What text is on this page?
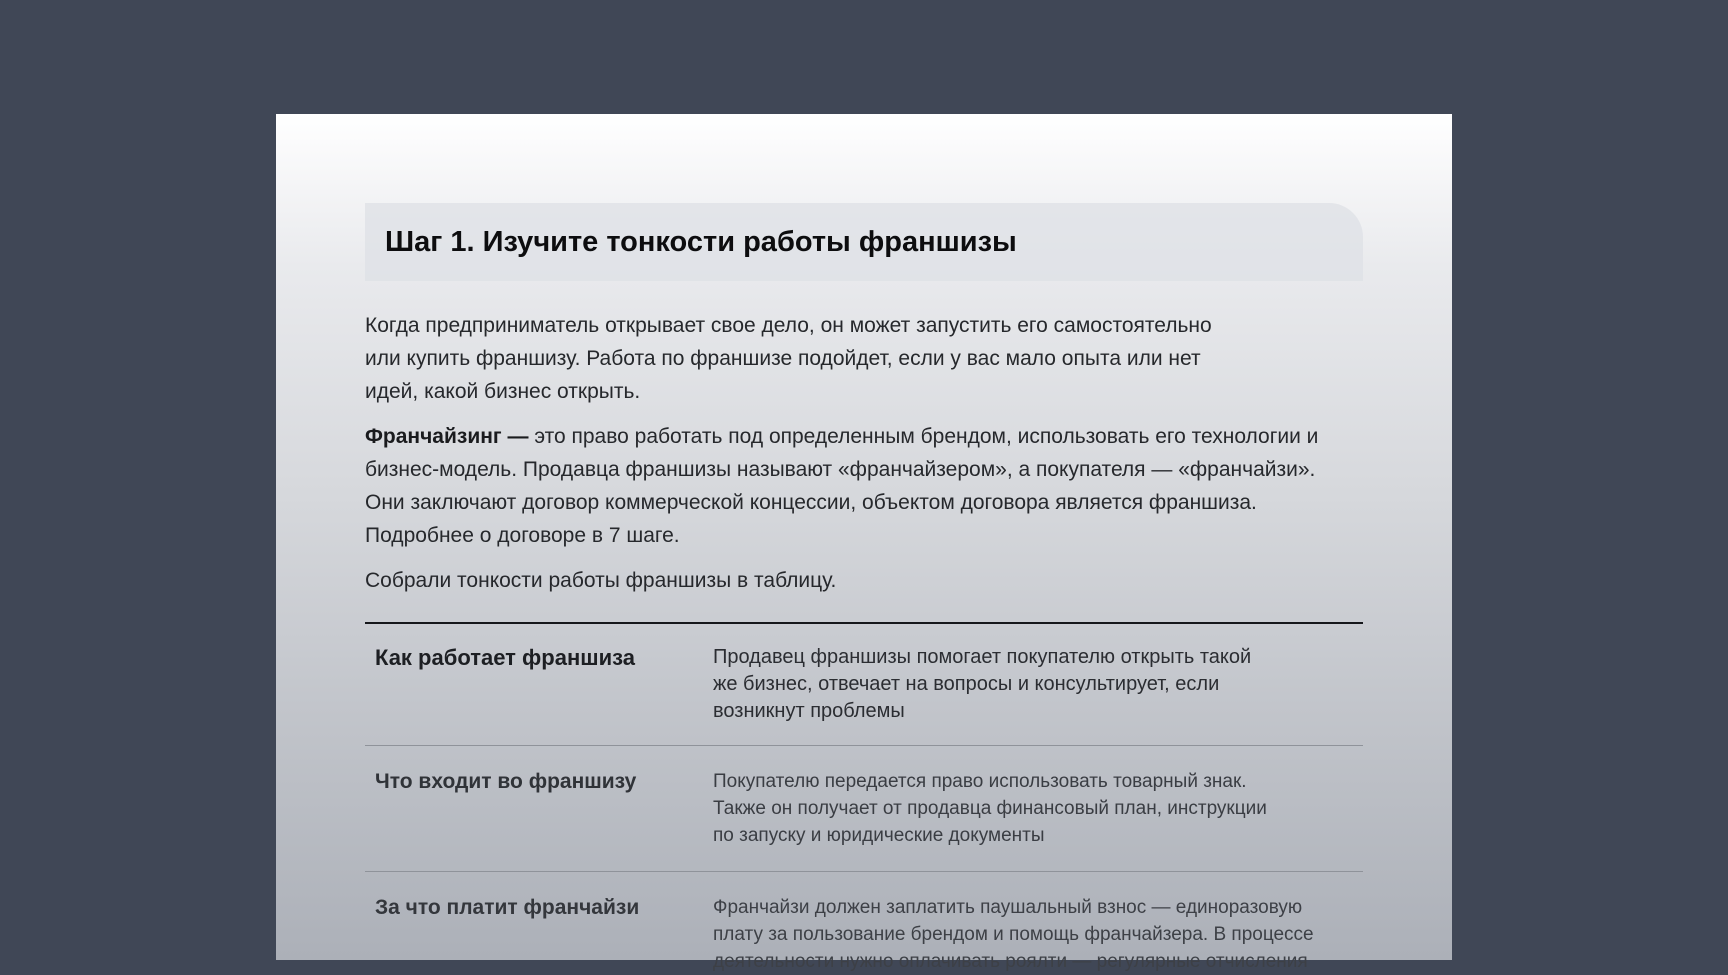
Шаг 1. Изучите тонкости работы франшизы

Когда предприниматель открывает свое дело, он может запустить его самостоятельно или купить франшизу. Работа по франшизе подойдет, если у вас мало опыта или нет идей, какой бизнес открыть.

Франчайзинг — это право работать под определенным брендом, использовать его технологии и бизнес-модель. Продавца франшизы называют «франчайзером», а покупателя — «франчайзи». Они заключают договор коммерческой концессии, объектом договора является франшиза. Подробнее о договоре в 7 шаге.

Собрали тонкости работы франшизы в таблицу.

Как работает франшиза	Продавец франшизы помогает покупателю открыть такой же бизнес, отвечает на вопросы и консультирует, если возникнут проблемы
Что входит во франшизу	Покупателю передается право использовать товарный знак. Также он получает от продавца финансовый план, инструкции по запуску и юридические документы
За что платит франчайзи	Франчайзи должен заплатить паушальный взнос — единоразовую плату за пользование брендом и помощь франчайзера. В процессе деятельности нужно оплачивать роялти — регулярные отчисления
